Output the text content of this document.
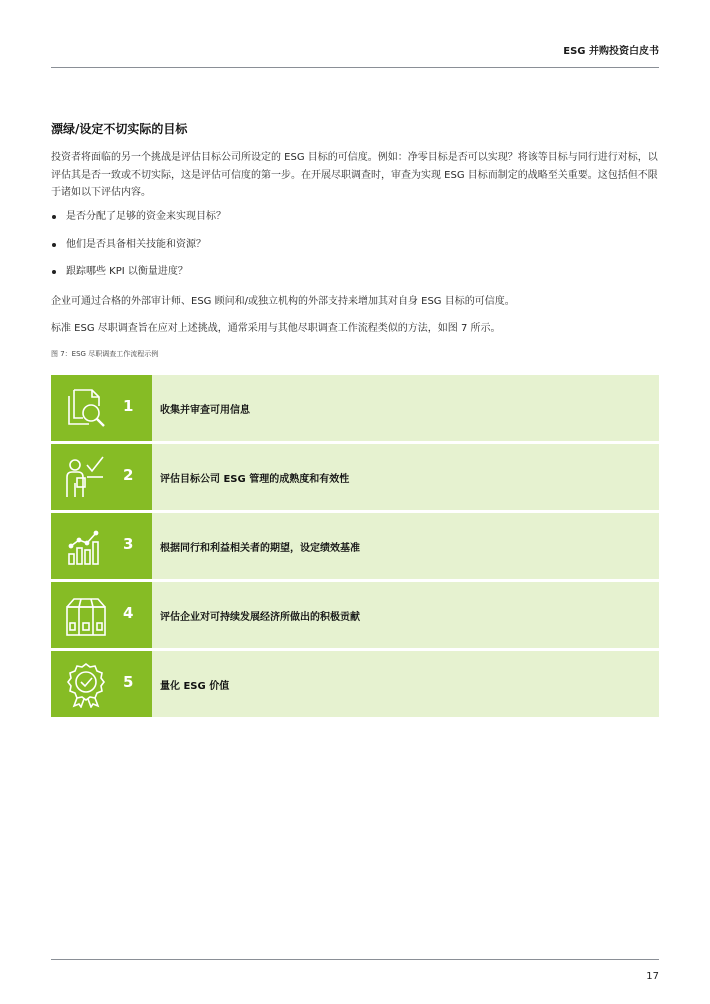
ESG 并购投资白皮书
漂绿/设定不切实际的目标
投资者将面临的另一个挑战是评估目标公司所设定的 ESG 目标的可信度。例如：净零目标是否可以实现？将该等目标与同行进行对标，以评估其是否一致或不切实际，这是评估可信度的第一步。在开展尽职调查时，审查为实现 ESG 目标而制定的战略至关重要。这包括但不限于诸如以下评估内容。
是否分配了足够的资金来实现目标？
他们是否具备相关技能和资源？
跟踪哪些 KPI 以衡量进度？
企业可通过合格的外部审计师、ESG 顾问和/或独立机构的外部支持来增加其对自身 ESG 目标的可信度。
标准 ESG 尽职调查旨在应对上述挑战，通常采用与其他尽职调查工作流程类似的方法，如图 7 所示。
图 7：ESG 尽职调查工作流程示例
1	收集并审查可用信息
2	评估目标公司 ESG 管理的成熟度和有效性
3	根据同行和利益相关者的期望，设定绩效基准
4	评估企业对可持续发展经济所做出的积极贡献
5	量化 ESG 价值
17
